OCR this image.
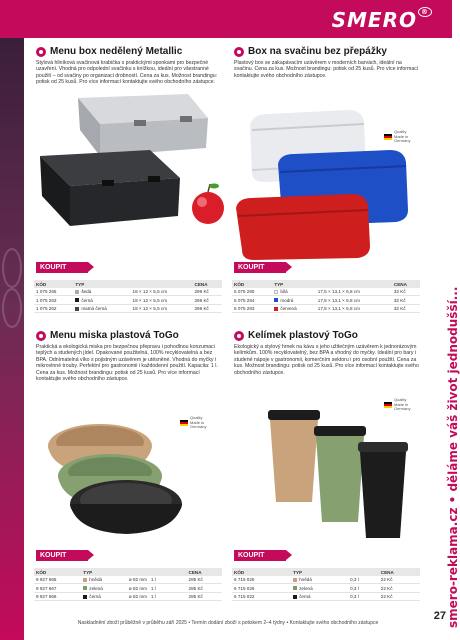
SMERO ®
smero-reklama.cz • děláme váš život jednodušší...
27
Menu box nedělený Metallic
Stylová hliníková svačinová krabička s praktickými sponkami pro bezpečné uzavření. Vhodná pro odpolední svačinku s knížkou, ideální pro všestranné použití – od svačiny po organizaci drobností. Cena za kus. Možnost brandingu: potisk od 25 kusů. Pro více informací kontaktujte svého obchodního zástupce.
KOUPIT
KÓD	TYP		CENA
1 075 265	šedá	18 × 12 × 5,5 cm	299 Kč
1 075 263	černá	18 × 12 × 5,5 cm	299 Kč
1 075 262	matná černá	18 × 12 × 5,5 cm	299 Kč
Box na svačinu bez přepážky
Plastový box se zakapávacím uzávěrem v moderních barvách, ideální na svačinu. Cena za kus. Možnost brandingu: potisk od 25 kusů. Pro více informací kontaktujte svého obchodního zástupce.
Quality
Made in
Germany
KOUPIT
KÓD	TYP		CENA
5 075 280	bílá	17,5 × 13,1 × 6,8 cm	32 Kč
5 075 284	modrá	17,5 × 13,1 × 6,8 cm	32 Kč
5 075 283	červená	17,5 × 13,1 × 6,8 cm	32 Kč
Menu miska plastová ToGo
Praktická a ekologická miska pro bezpečnou přepravu i pohodlnou konzumaci teplých a studených jídel. Opakované použitelná, 100% recyklovatelná a bez BPA. Odnímatelná víko s pojistným uzávěrem je utěsněné. Vhodná do myčky i mikrovlnné trouby. Perfektní pro gastronomii i každodenní použití. Kapacita: 1 l. Cena za kus. Možnost brandingu: potisk od 25 kusů. Pro více informací kontaktujte svého obchodního zástupce.
Quality
Made in
Germany
KOUPIT
KÓD	TYP		CENA
9 927 665	hnědá	ø 82 mm 1 l	285 Kč
9 927 667	zelená	ø 82 mm 1 l	285 Kč
9 927 666	černá	ø 82 mm 1 l	285 Kč
Kelímek plastový ToGo
Ekologický a stylový hrnek na kávu s jeho užitečným uzávěrem k jednorázovým kelímkům. 100% recyklovatelný, bez BPA a vhodný do myčky. Ideální pro bary i studené nápoje v gastronomii, komerčním sektoru i pro osobní použití. Cena za kus. Možnost brandingu: potisk od 25 kusů. Pro více informací kontaktujte svého obchodního zástupce.
Quality
Made in
Germany
KOUPIT
KÓD	TYP		CENA
6 715 025	hnědá	0,3 l	22 Kč
6 715 026	zelená	0,3 l	22 Kč
6 715 022	černá	0,3 l	22 Kč
Naskladnění zboží průběžně v průběhu září 2025 • Termín dodání zboží s potiskem 2–4 týdny • Kontaktujte svého obchodního zástupce
